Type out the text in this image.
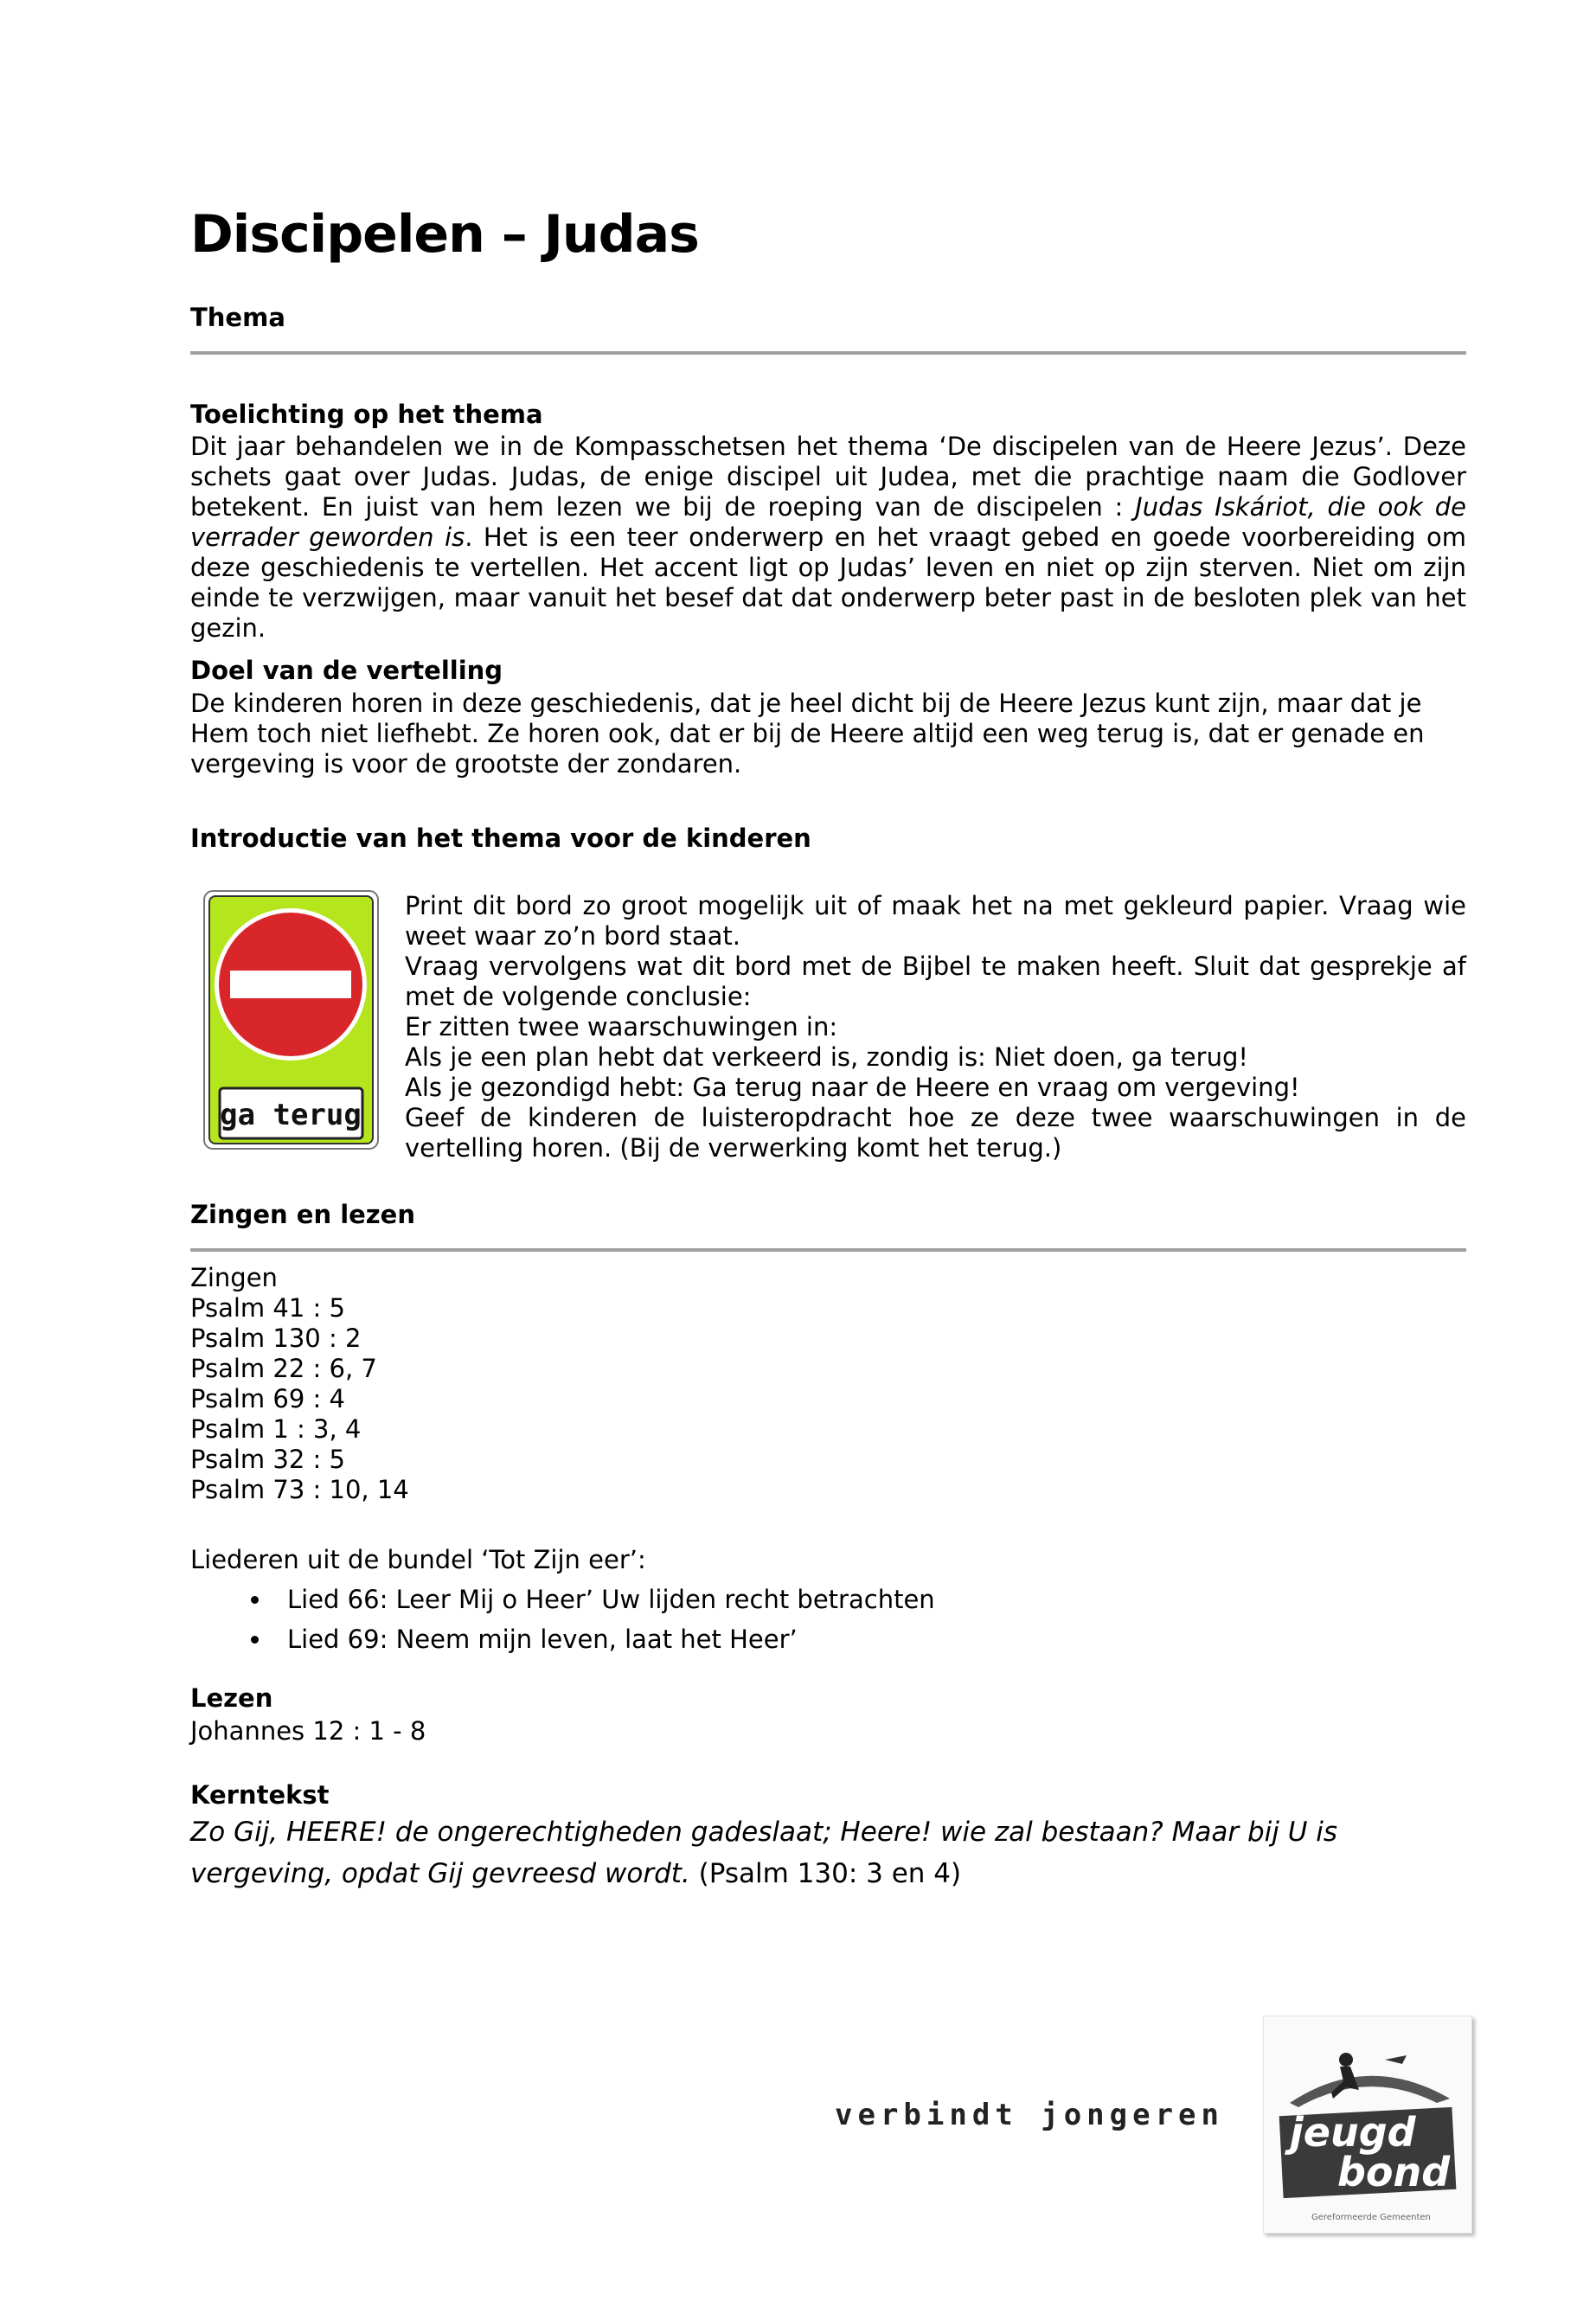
Discipelen – Judas
Thema
Toelichting op het thema
Dit jaar behandelen we in de Kompasschetsen het thema ‘De discipelen van de Heere Jezus’. Deze schets gaat over Judas. Judas, de enige discipel uit Judea, met die prachtige naam die Godlover betekent. En juist van hem lezen we bij de roeping van de discipelen : Judas Iskáriot, die ook de verrader geworden is. Het is een teer onderwerp en het vraagt gebed en goede voorbereiding om deze geschiedenis te vertellen. Het accent ligt op Judas’ leven en niet op zijn sterven. Niet om zijn einde te verzwijgen, maar vanuit het besef dat dat onderwerp beter past in de besloten plek van het gezin.
Doel van de vertelling
De kinderen horen in deze geschiedenis, dat je heel dicht bij de Heere Jezus kunt zijn, maar dat je Hem toch niet liefhebt. Ze horen ook, dat er bij de Heere altijd een weg terug is, dat er genade en vergeving is voor de grootste der zondaren.
Introductie van het thema voor de kinderen
ga terug
Print dit bord zo groot mogelijk uit of maak het na met gekleurd papier. Vraag wie weet waar zo’n bord staat.
Vraag vervolgens wat dit bord met de Bijbel te maken heeft. Sluit dat gesprekje af met de volgende conclusie:
Er zitten twee waarschuwingen in:
Als je een plan hebt dat verkeerd is, zondig is: Niet doen, ga terug!
Als je gezondigd hebt: Ga terug naar de Heere en vraag om vergeving!
Geef de kinderen de luisteropdracht hoe ze deze twee waarschuwingen in de vertelling horen. (Bij de verwerking komt het terug.)
Zingen en lezen
Zingen
Psalm 41 : 5
Psalm 130 : 2
Psalm 22 : 6, 7
Psalm 69 : 4
Psalm 1 : 3, 4
Psalm 32 : 5
Psalm 73 : 10, 14
Liederen uit de bundel ‘Tot Zijn eer’:
Lied 66: Leer Mij o Heer’ Uw lijden recht betrachten
Lied 69: Neem mijn leven, laat het Heer’
Lezen
Johannes 12 : 1 - 8
Kerntekst
Zo Gij, HEERE! de ongerechtigheden gadeslaat; Heere! wie zal bestaan? Maar bij U is vergeving, opdat Gij gevreesd wordt. (Psalm 130: 3 en 4)
verbindt jongeren jeugd
bond
Gereformeerde Gemeenten
